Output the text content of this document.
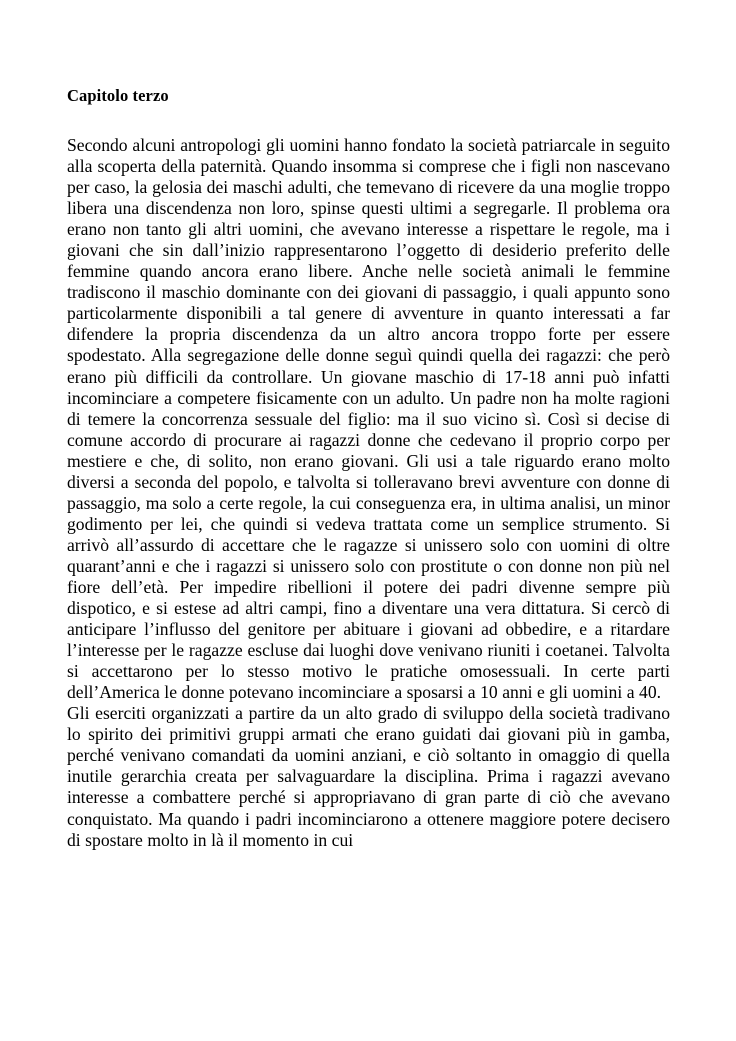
Capitolo terzo

Secondo alcuni antropologi gli uomini hanno fondato la società patriarcale in seguito alla scoperta della paternità. Quando insomma si comprese che i figli non nascevano per caso, la gelosia dei maschi adulti, che temevano di ricevere da una moglie troppo libera una discendenza non loro, spinse questi ultimi a segregarle. Il problema ora erano non tanto gli altri uomini, che avevano interesse a rispettare le regole, ma i giovani che sin dall’inizio rappresentarono l’oggetto di desiderio preferito delle femmine quando ancora erano libere. Anche nelle società animali le femmine tradiscono il maschio dominante con dei giovani di passaggio, i quali appunto sono particolarmente disponibili a tal genere di avventure in quanto interessati a far difendere la propria discendenza da un altro ancora troppo forte per essere spodestato. Alla segregazione delle donne seguì quindi quella dei ragazzi: che però erano più difficili da controllare. Un giovane maschio di 17-18 anni può infatti incominciare a competere fisicamente con un adulto. Un padre non ha molte ragioni di temere la concorrenza sessuale del figlio: ma il suo vicino sì. Così si decise di comune accordo di procurare ai ragazzi donne che cedevano il proprio corpo per mestiere e che, di solito, non erano giovani. Gli usi a tale riguardo erano molto diversi a seconda del popolo, e talvolta si tolleravano brevi avventure con donne di passaggio, ma solo a certe regole, la cui conseguenza era, in ultima analisi, un minor godimento per lei, che quindi si vedeva trattata come un semplice strumento. Si arrivò all’assurdo di accettare che le ragazze si unissero solo con uomini di oltre quarant’anni e che i ragazzi si unissero solo con prostitute o con donne non più nel fiore dell’età. Per impedire ribellioni il potere dei padri divenne sempre più dispotico, e si estese ad altri campi, fino a diventare una vera dittatura. Si cercò di anticipare l’influsso del genitore per abituare i giovani ad obbedire, e a ritardare l’interesse per le ragazze escluse dai luoghi dove venivano riuniti i coetanei. Talvolta si accettarono per lo stesso motivo le pratiche omosessuali. In certe parti dell’America le donne potevano incominciare a sposarsi a 10 anni e gli uomini a 40.

Gli eserciti organizzati a partire da un alto grado di sviluppo della società tradivano lo spirito dei primitivi gruppi armati che erano guidati dai giovani più in gamba, perché venivano comandati da uomini anziani, e ciò soltanto in omaggio di quella inutile gerarchia creata per salvaguardare la disciplina. Prima i ragazzi avevano interesse a combattere perché si appropriavano di gran parte di ciò che avevano conquistato. Ma quando i padri incominciarono a ottenere maggiore potere decisero di spostare molto in là il momento in cui
